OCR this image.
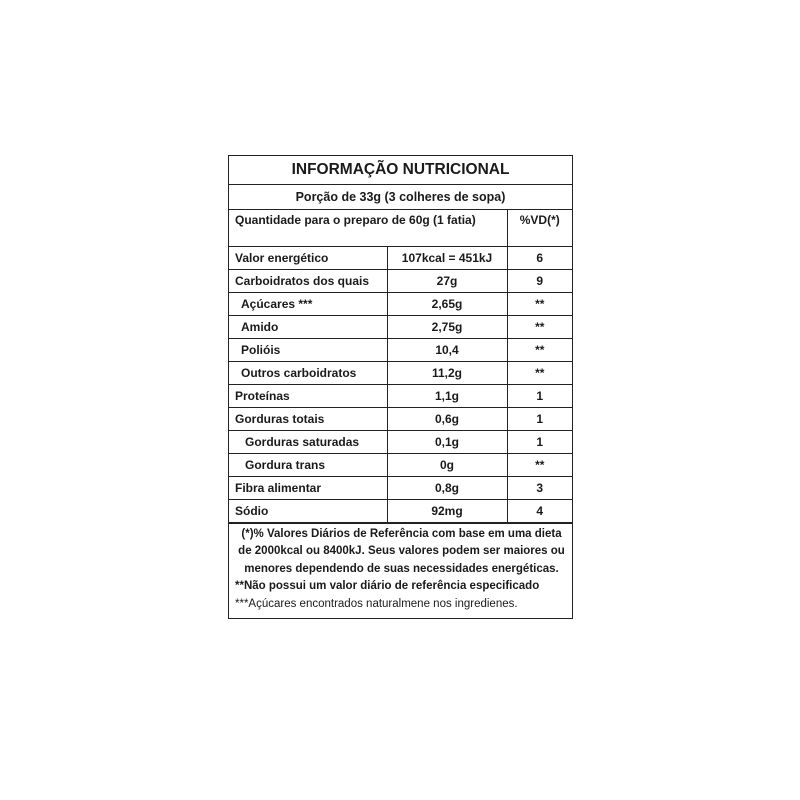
INFORMAÇÃO NUTRICIONAL
Porção de 33g (3 colheres de sopa)
Quantidade para o preparo de 60g (1 fatia)		%VD(*)
Valor energético	107kcal = 451kJ	6
Carboidratos dos quais	27g	9
Açúcares ***	2,65g	**
Amido	2,75g	**
Polióis	10,4	**
Outros carboidratos	11,2g	**
Proteínas	1,1g	1
Gorduras totais	0,6g	1
Gorduras saturadas	0,1g	1
Gordura trans	0g	**
Fibra alimentar	0,8g	3
Sódio	92mg	4
(*)% Valores Diários de Referência com base em uma dieta de 2000kcal ou 8400kJ. Seus valores podem ser maiores ou menores dependendo de suas necessidades energéticas.
**Não possui um valor diário de referência especificado
***Açúcares encontrados naturalmene nos ingredienes.
